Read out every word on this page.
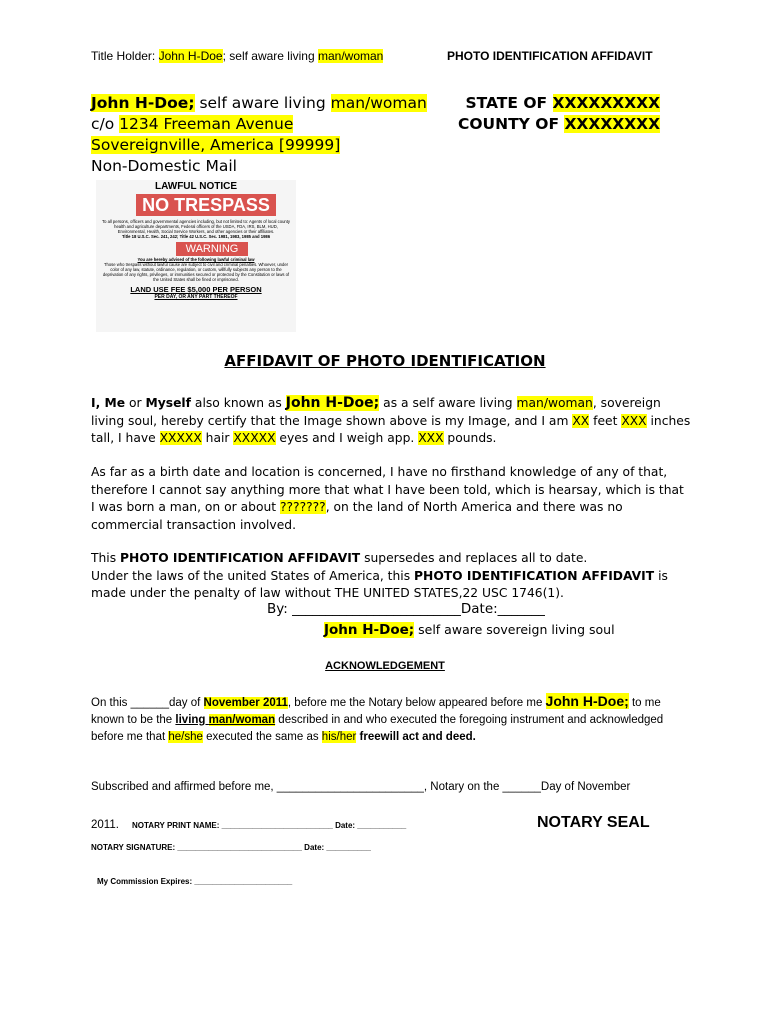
Title Holder: John H-Doe; self aware living man/woman	PHOTO IDENTIFICATION AFFIDAVIT
John H-Doe; self aware living man/woman
c/o 1234 Freeman Avenue
Sovereignville, America [99999]
Non-Domestic Mail
STATE OF XXXXXXXXX
COUNTY OF XXXXXXXX
LAWFUL NOTICE
NO TRESPASS
To all persons, officers and governmental agencies including, but not limited to: Agents of local county health and agriculture departments, Federal officers of the USDA, FDA, IRS, BLM, HUD, Environmental, Health, Social Service Workers, and other agencies or their affiliates.
Title 18 U.S.C. Sec. 241, 242; Title 42 U.S.C. Sec. 1981, 1983, 1985 and 1986
WARNING
You are hereby advised of the following lawful criminal law
Those who trespass without lawful cause are subject to civil and criminal penalties. Whoever, under color of any law, statute, ordinance, regulation, or custom, willfully subjects any person to the deprivation of any rights, privileges, or immunities secured or protected by the Constitution or laws of the United States shall be fined or imprisoned.
LAND USE FEE $5,000 PER PERSON
PER DAY, OR ANY PART THEREOF
AFFIDAVIT OF PHOTO IDENTIFICATION
I, Me or Myself also known as John H-Doe; as a self aware living man/woman, sovereign living soul, hereby certify that the Image shown above is my Image, and I am XX feet XXX inches tall, I have XXXXX hair XXXXX eyes and I weigh app. XXX pounds.
As far as a birth date and location is concerned, I have no firsthand knowledge of any of that, therefore I cannot say anything more that what I have been told, which is hearsay, which is that I was born a man, on or about ???????, on the land of North America and there was no commercial transaction involved.
This PHOTO IDENTIFICATION AFFIDAVIT supersedes and replaces all to date.
Under the laws of the united States of America, this PHOTO IDENTIFICATION AFFIDAVIT is made under the penalty of law without THE UNITED STATES,22 USC 1746(1).
By: _________________________Date:_______
John H-Doe; self aware sovereign living soul
ACKNOWLEDGEMENT
On this ______day of November 2011, before me the Notary below appeared before me John H-Doe; to me known to be the living man/woman described in and who executed the foregoing instrument and acknowledged before me that he/she executed the same as his/her freewill act and deed.
Subscribed and affirmed before me, _______________________, Notary on the ______Day of November
2011. NOTARY PRINT NAME: _________________________ Date: ___________	NOTARY SEAL
NOTARY SIGNATURE: ____________________________ Date: __________
My Commission Expires: ______________________
